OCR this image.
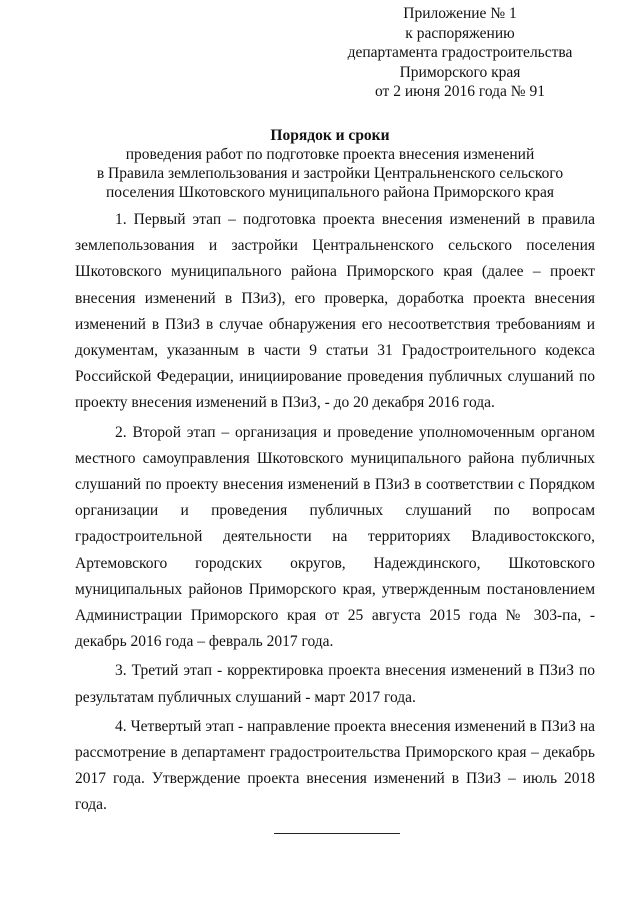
Приложение № 1
к распоряжению
департамента градостроительства
Приморского края
от 2 июня 2016 года № 91
Порядок и сроки
проведения работ по подготовке проекта внесения изменений
в Правила землепользования и застройки Центральненского сельского
поселения Шкотовского муниципального района Приморского края

1. Первый этап – подготовка проекта внесения изменений в правила землепользования и застройки Центральненского сельского поселения Шкотовского муниципального района Приморского края (далее – проект внесения изменений в ПЗиЗ), его проверка, доработка проекта внесения изменений в ПЗиЗ в случае обнаружения его несоответствия требованиям и документам, указанным в части 9 статьи 31 Градостроительного кодекса Российской Федерации, инициирование проведения публичных слушаний по проекту внесения изменений в ПЗиЗ, - до 20 декабря 2016 года.

2. Второй этап – организация и проведение уполномоченным органом местного самоуправления Шкотовского муниципального района публичных слушаний по проекту внесения изменений в ПЗиЗ в соответствии с Порядком организации и проведения публичных слушаний по вопросам градостроительной деятельности на территориях Владивостокского, Артемовского городских округов, Надеждинского, Шкотовского муниципальных районов Приморского края, утвержденным постановлением Администрации Приморского края от 25 августа 2015 года № 303-па, - декабрь 2016 года – февраль 2017 года.

3. Третий этап - корректировка проекта внесения изменений в ПЗиЗ по результатам публичных слушаний - март 2017 года.

4. Четвертый этап - направление проекта внесения изменений в ПЗиЗ на рассмотрение в департамент градостроительства Приморского края – декабрь 2017 года. Утверждение проекта внесения изменений в ПЗиЗ – июль 2018 года.
